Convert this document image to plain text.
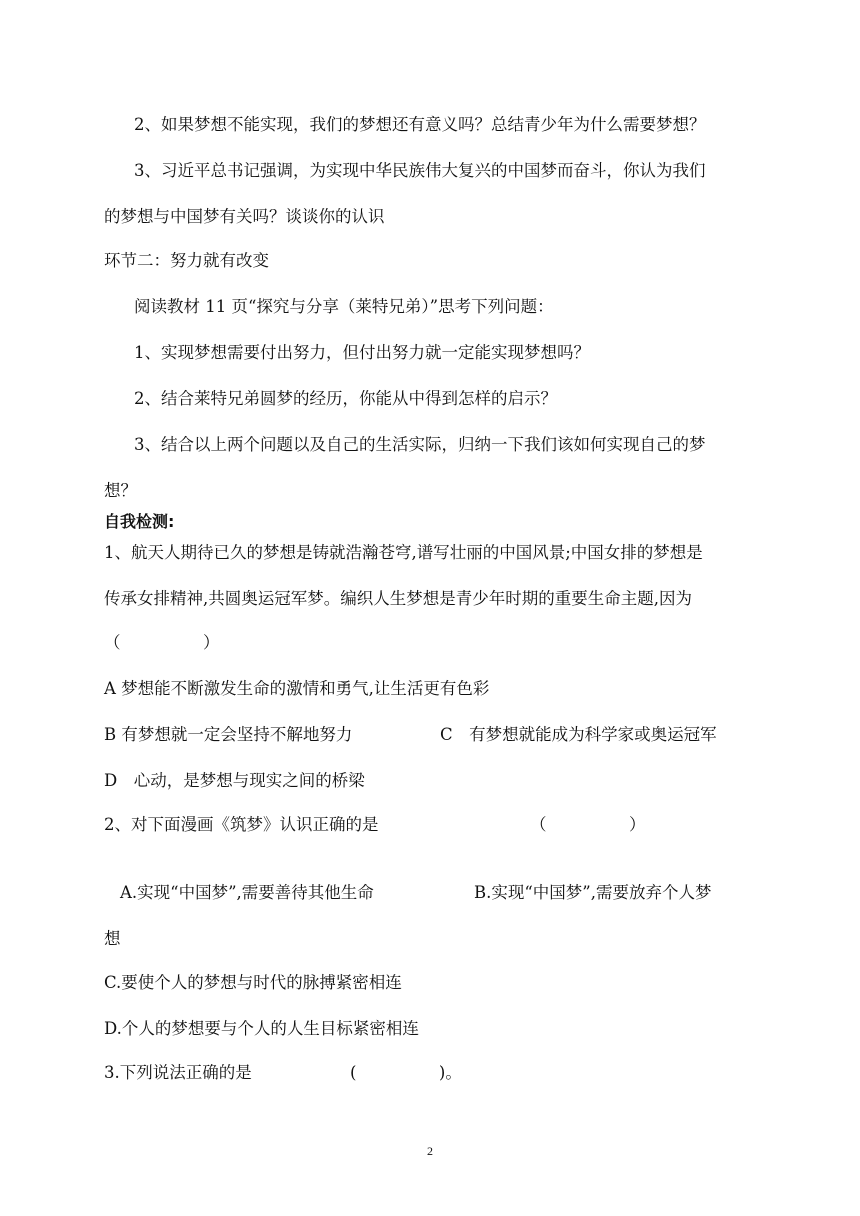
2、如果梦想不能实现，我们的梦想还有意义吗？总结青少年为什么需要梦想？
3、习近平总书记强调，为实现中华民族伟大复兴的中国梦而奋斗，你认为我们
的梦想与中国梦有关吗？谈谈你的认识
环节二：努力就有改变
阅读教材 11 页“探究与分享（莱特兄弟）”思考下列问题：
1、实现梦想需要付出努力，但付出努力就一定能实现梦想吗？
2、结合莱特兄弟圆梦的经历，你能从中得到怎样的启示？
3、结合以上两个问题以及自己的生活实际，归纳一下我们该如何实现自己的梦
想？
自我检测:
1、航天人期待已久的梦想是铸就浩瀚苍穹,谱写壮丽的中国风景;中国女排的梦想是
传承女排精神,共圆奥运冠军梦。编织人生梦想是青少年时期的重要生命主题,因为
（　　　　　）
A 梦想能不断激发生命的激情和勇气,让生活更有色彩
B 有梦想就一定会坚持不解地努力	C　有梦想就能成为科学家或奥运冠军
D　心动，是梦想与现实之间的桥梁
2、对下面漫画《筑梦》认识正确的是	（　　　　　）
A.实现“中国梦”,需要善待其他生命	B.实现“中国梦”,需要放弃个人梦
想
C.要使个人的梦想与时代的脉搏紧密相连
D.个人的梦想要与个人的人生目标紧密相连
3.下列说法正确的是	(　　　　　)。
2
